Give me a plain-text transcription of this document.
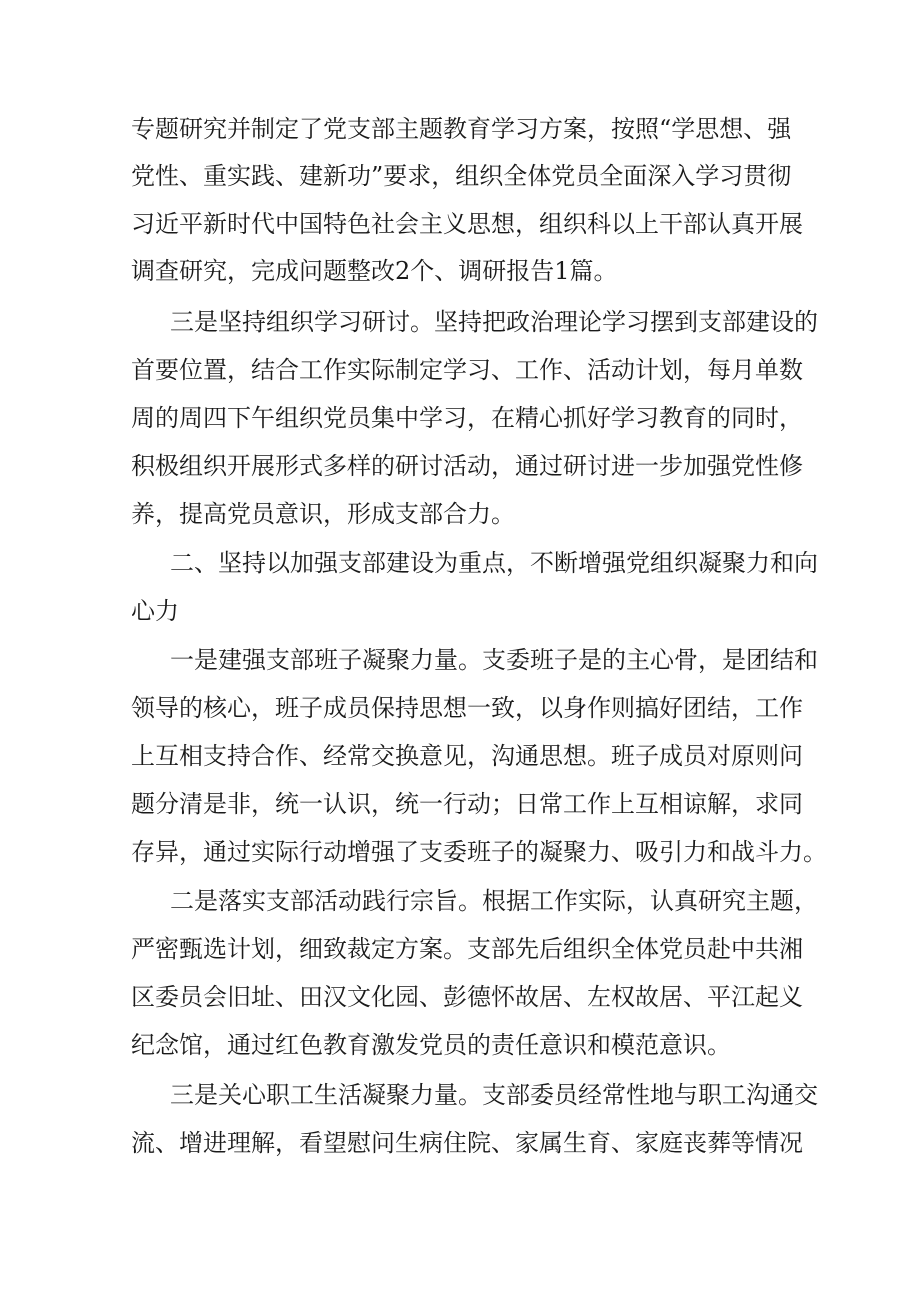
专题研究并制定了党支部主题教育学习方案，按照“学思想、强
党性、重实践、建新功”要求，组织全体党员全面深入学习贯彻
习近平新时代中国特色社会主义思想，组织科以上干部认真开展
调查研究，完成问题整改2个、调研报告1篇。
三是坚持组织学习研讨。坚持把政治理论学习摆到支部建设的
首要位置，结合工作实际制定学习、工作、活动计划，每月单数
周的周四下午组织党员集中学习，在精心抓好学习教育的同时，
积极组织开展形式多样的研讨活动，通过研讨进一步加强党性修
养，提高党员意识，形成支部合力。
二、坚持以加强支部建设为重点，不断增强党组织凝聚力和向
心力
一是建强支部班子凝聚力量。支委班子是的主心骨，是团结和
领导的核心，班子成员保持思想一致，以身作则搞好团结，工作
上互相支持合作、经常交换意见，沟通思想。班子成员对原则问
题分清是非，统一认识，统一行动；日常工作上互相谅解，求同
存异，通过实际行动增强了支委班子的凝聚力、吸引力和战斗力。
二是落实支部活动践行宗旨。根据工作实际，认真研究主题，
严密甄选计划，细致裁定方案。支部先后组织全体党员赴中共湘
区委员会旧址、田汉文化园、彭德怀故居、左权故居、平江起义
纪念馆，通过红色教育激发党员的责任意识和模范意识。
三是关心职工生活凝聚力量。支部委员经常性地与职工沟通交
流、增进理解，看望慰问生病住院、家属生育、家庭丧葬等情况
